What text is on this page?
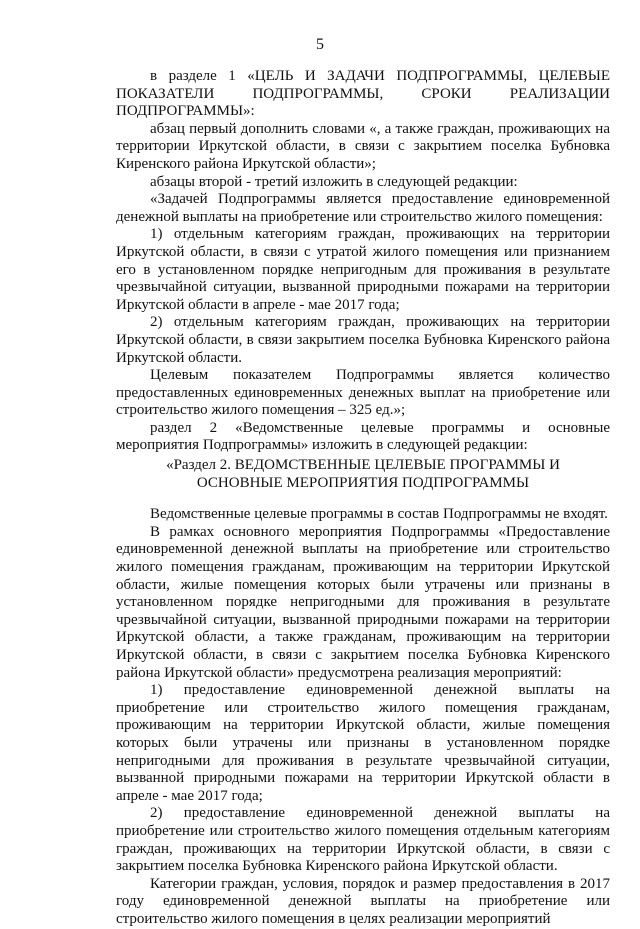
5

в разделе 1 «ЦЕЛЬ И ЗАДАЧИ ПОДПРОГРАММЫ, ЦЕЛЕВЫЕ ПОКАЗАТЕЛИ ПОДПРОГРАММЫ, СРОКИ РЕАЛИЗАЦИИ ПОДПРОГРАММЫ»:

абзац первый дополнить словами «, а также граждан, проживающих на территории Иркутской области, в связи с закрытием поселка Бубновка Киренского района Иркутской области»;

абзацы второй - третий изложить в следующей редакции:

«Задачей Подпрограммы является предоставление единовременной денежной выплаты на приобретение или строительство жилого помещения:

1) отдельным категориям граждан, проживающих на территории Иркутской области, в связи с утратой жилого помещения или признанием его в установленном порядке непригодным для проживания в результате чрезвычайной ситуации, вызванной природными пожарами на территории Иркутской области в апреле - мае 2017 года;

2) отдельным категориям граждан, проживающих на территории Иркутской области, в связи закрытием поселка Бубновка Киренского района Иркутской области.

Целевым показателем Подпрограммы является количество предоставленных единовременных денежных выплат на приобретение или строительство жилого помещения – 325 ед.»;

раздел 2 «Ведомственные целевые программы и основные мероприятия Подпрограммы» изложить в следующей редакции:

«Раздел 2. ВЕДОМСТВЕННЫЕ ЦЕЛЕВЫЕ ПРОГРАММЫ И

ОСНОВНЫЕ МЕРОПРИЯТИЯ ПОДПРОГРАММЫ

Ведомственные целевые программы в состав Подпрограммы не входят.

В рамках основного мероприятия Подпрограммы «Предоставление единовременной денежной выплаты на приобретение или строительство жилого помещения гражданам, проживающим на территории Иркутской области, жилые помещения которых были утрачены или признаны в установленном порядке непригодными для проживания в результате чрезвычайной ситуации, вызванной природными пожарами на территории Иркутской области, а также гражданам, проживающим на территории Иркутской области, в связи с закрытием поселка Бубновка Киренского района Иркутской области» предусмотрена реализация мероприятий:

1) предоставление единовременной денежной выплаты на приобретение или строительство жилого помещения гражданам, проживающим на территории Иркутской области, жилые помещения которых были утрачены или признаны в установленном порядке непригодными для проживания в результате чрезвычайной ситуации, вызванной природными пожарами на территории Иркутской области в апреле - мае 2017 года;

2) предоставление единовременной денежной выплаты на приобретение или строительство жилого помещения отдельным категориям граждан, проживающих на территории Иркутской области, в связи с закрытием поселка Бубновка Киренского района Иркутской области.

Категории граждан, условия, порядок и размер предоставления в 2017 году единовременной денежной выплаты на приобретение или строительство жилого помещения в целях реализации мероприятий
